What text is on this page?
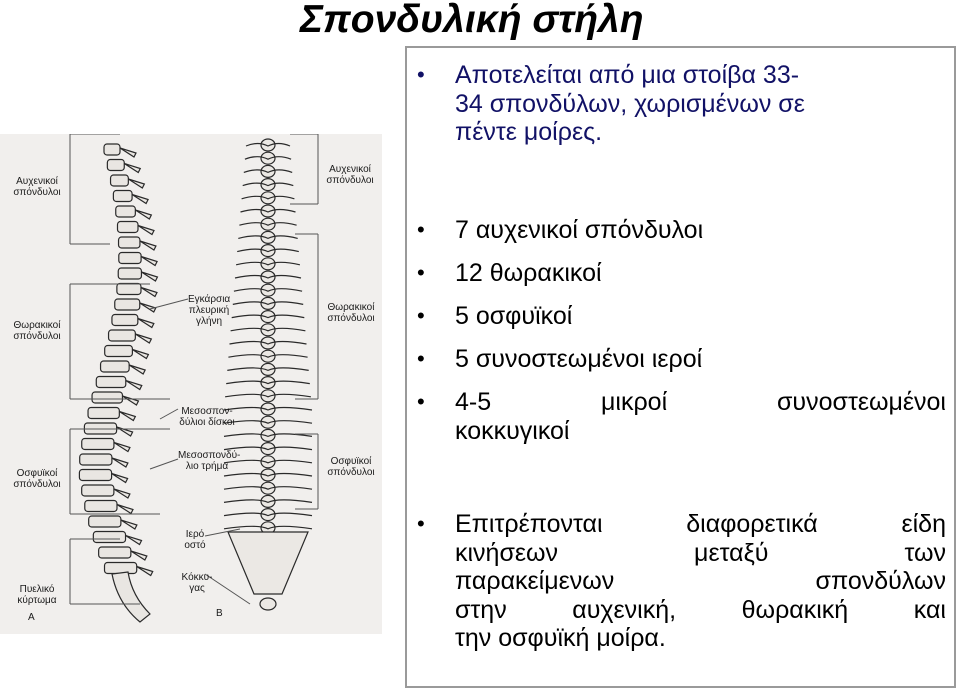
Σπονδυλική στήλη
Αυχενικοί σπόνδυλοι
Θωρακικοί σπόνδυλοι
Οσφυϊκοί σπόνδυλοι
Πυελικό κύρτωμα
A
Εγκάρσια πλευρική γλήνη
Μεσοσπον- δύλιοι δίσκοι
Μεσοσπονδύ- λιο τρήμα
Ιερό οστό
Κόκκυ- γας
B
Αυχενικοί σπόνδυλοι
Θωρακικοί σπόνδυλοι
Οσφυϊκοί σπόνδυλοι
• Αποτελείται από μια στοίβα 33-
34 σπονδύλων, χωρισμένων σε
πέντε μοίρες.
• 7 αυχενικοί σπόνδυλοι
• 12 θωρακικοί
• 5 οσφυϊκοί
• 5 συνοστεωμένοι ιεροί
• 4-5 μικροί συνοστεωμένοι
κοκκυγικοί
• Επιτρέπονται διαφορετικά είδη
κινήσεων μεταξύ των
παρακείμενων σπονδύλων
στην αυχενική, θωρακική και
την οσφυϊκή μοίρα.
